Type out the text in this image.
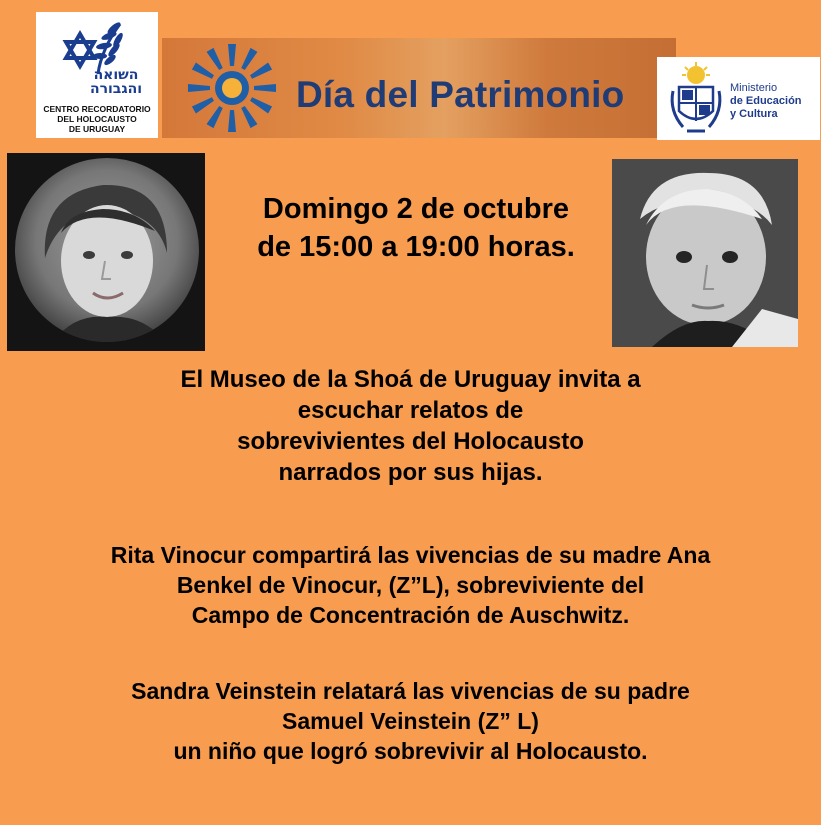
השואה והגבורה
CENTRO RECORDATORIO
DEL HOLOCAUSTO
DE URUGUAY
Día del Patrimonio	Ministerio
de Educación
y Cultura

Domingo 2 de octubre
de 15:00 a 19:00 horas.

El Museo de la Shoá de Uruguay invita a
escuchar relatos de
sobrevivientes del Holocausto
narrados por sus hijas.

Rita Vinocur compartirá las vivencias de su madre Ana
Benkel de Vinocur, (Z”L), sobreviviente del
Campo de Concentración de Auschwitz.

Sandra Veinstein relatará las vivencias de su padre
Samuel Veinstein (Z” L)
un niño que logró sobrevivir al Holocausto.
